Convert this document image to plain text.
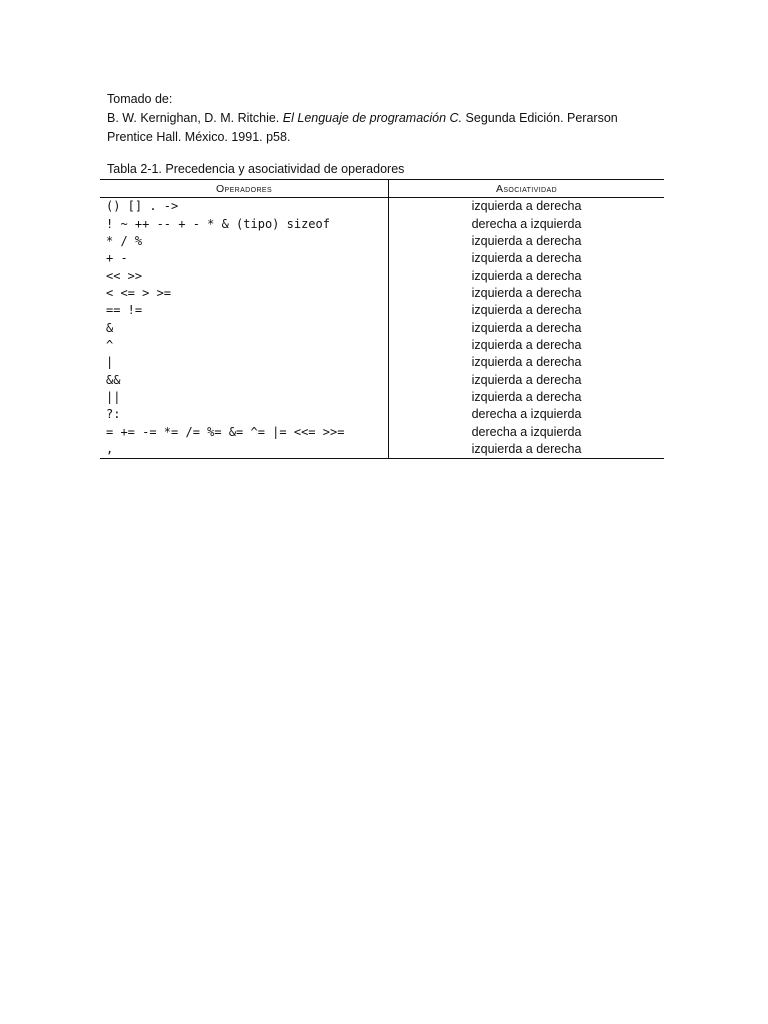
Tomado de:

B. W. Kernighan, D. M. Ritchie. El Lenguaje de programación C. Segunda Edición. Perarson Prentice Hall. México. 1991. p58.

Tabla 2-1. Precedencia y asociatividad de operadores
Operadores	Asociatividad
() [] . ->	izquierda a derecha
! ~ ++ -- + - * & (tipo) sizeof	derecha a izquierda
* / %	izquierda a derecha
+ -	izquierda a derecha
<< >>	izquierda a derecha
< <= > >=	izquierda a derecha
== !=	izquierda a derecha
&	izquierda a derecha
^	izquierda a derecha
|	izquierda a derecha
&&	izquierda a derecha
||	izquierda a derecha
?:	derecha a izquierda
= += -= *= /= %= &= ^= |= <<= >>=	derecha a izquierda
,	izquierda a derecha
